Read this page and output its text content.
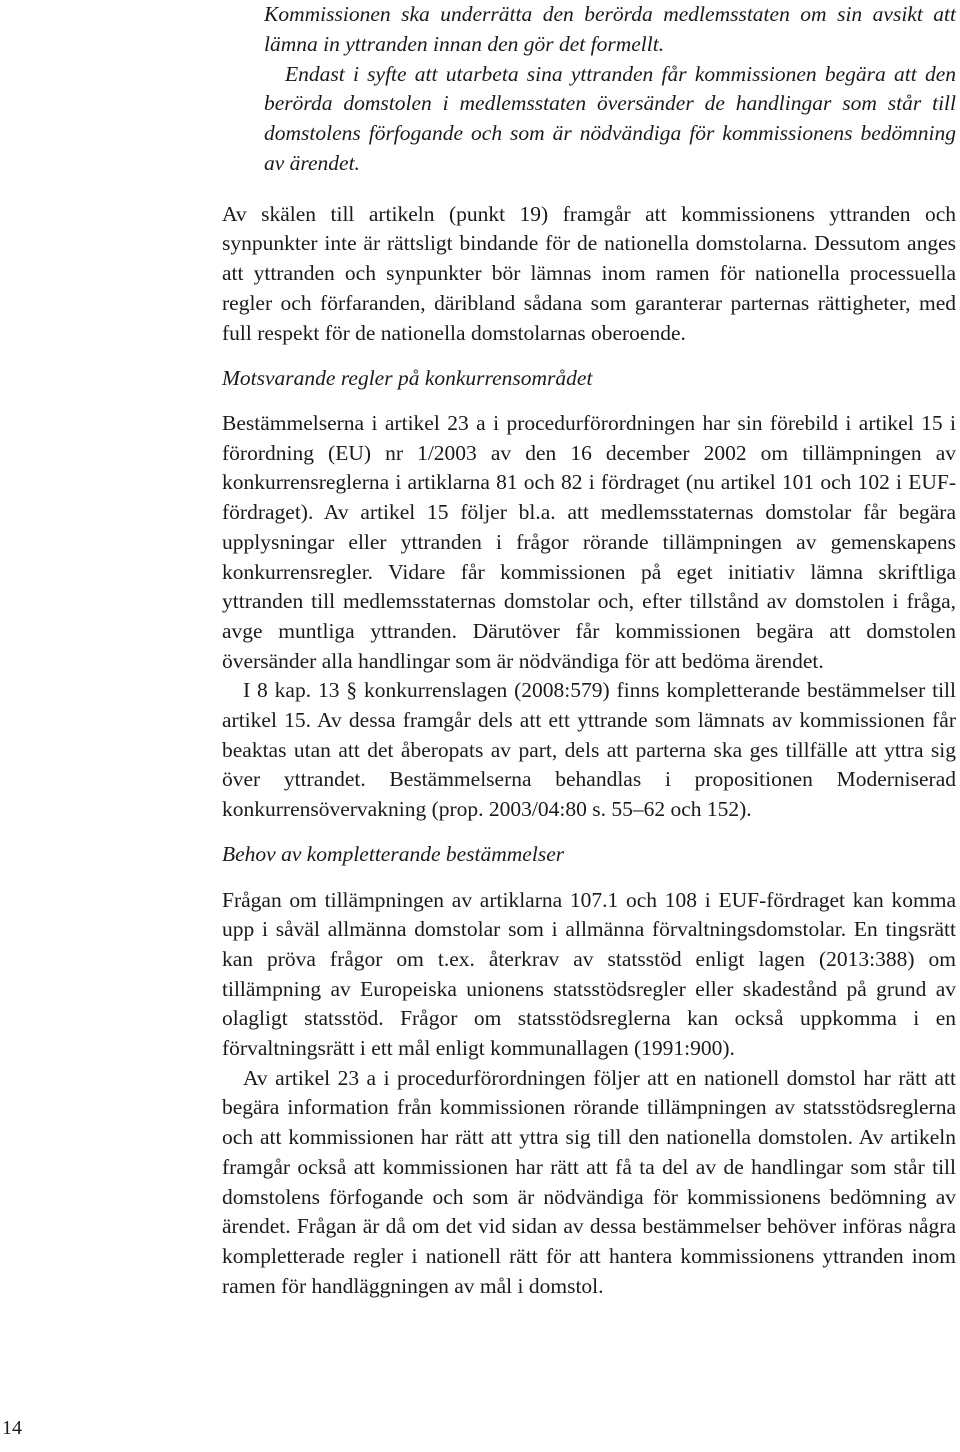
Kommissionen ska underrätta den berörda medlemsstaten om sin avsikt att lämna in yttranden innan den gör det formellt.

Endast i syfte att utarbeta sina yttranden får kommissionen begära att den berörda domstolen i medlemsstaten översänder de handlingar som står till domstolens förfogande och som är nödvändiga för kommissionens bedömning av ärendet.

Av skälen till artikeln (punkt 19) framgår att kommissionens yttranden och synpunkter inte är rättsligt bindande för de nationella domstolarna. Dessutom anges att yttranden och synpunkter bör lämnas inom ramen för nationella processuella regler och förfaranden, däribland sådana som garanterar parternas rättigheter, med full respekt för de nationella domstolarnas oberoende.

Motsvarande regler på konkurrensområdet

Bestämmelserna i artikel 23 a i procedurförordningen har sin förebild i artikel 15 i förordning (EU) nr 1/2003 av den 16 december 2002 om tillämpningen av konkurrensreglerna i artiklarna 81 och 82 i fördraget (nu artikel 101 och 102 i EUF-fördraget). Av artikel 15 följer bl.a. att medlemsstaternas domstolar får begära upplysningar eller yttranden i frågor rörande tillämpningen av gemenskapens konkurrensregler. Vidare får kommissionen på eget initiativ lämna skriftliga yttranden till medlemsstaternas domstolar och, efter tillstånd av domstolen i fråga, avge muntliga yttranden. Därutöver får kommissionen begära att domstolen översänder alla handlingar som är nödvändiga för att bedöma ärendet.

I 8 kap. 13 § konkurrenslagen (2008:579) finns kompletterande bestämmelser till artikel 15. Av dessa framgår dels att ett yttrande som lämnats av kommissionen får beaktas utan att det åberopats av part, dels att parterna ska ges tillfälle att yttra sig över yttrandet. Bestämmelserna behandlas i propositionen Moderniserad konkurrensövervakning (prop. 2003/04:80 s. 55–62 och 152).

Behov av kompletterande bestämmelser

Frågan om tillämpningen av artiklarna 107.1 och 108 i EUF-fördraget kan komma upp i såväl allmänna domstolar som i allmänna förvaltningsdomstolar. En tingsrätt kan pröva frågor om t.ex. återkrav av statsstöd enligt lagen (2013:388) om tillämpning av Europeiska unionens statsstödsregler eller skadestånd på grund av olagligt statsstöd. Frågor om statsstödsreglerna kan också uppkomma i en förvaltningsrätt i ett mål enligt kommunallagen (1991:900).

Av artikel 23 a i procedurförordningen följer att en nationell domstol har rätt att begära information från kommissionen rörande tillämpningen av statsstödsreglerna och att kommissionen har rätt att yttra sig till den nationella domstolen. Av artikeln framgår också att kommissionen har rätt att få ta del av de handlingar som står till domstolens förfogande och som är nödvändiga för kommissionens bedömning av ärendet. Frågan är då om det vid sidan av dessa bestämmelser behöver införas några kompletterade regler i nationell rätt för att hantera kommissionens yttranden inom ramen för handläggningen av mål i domstol.

14
